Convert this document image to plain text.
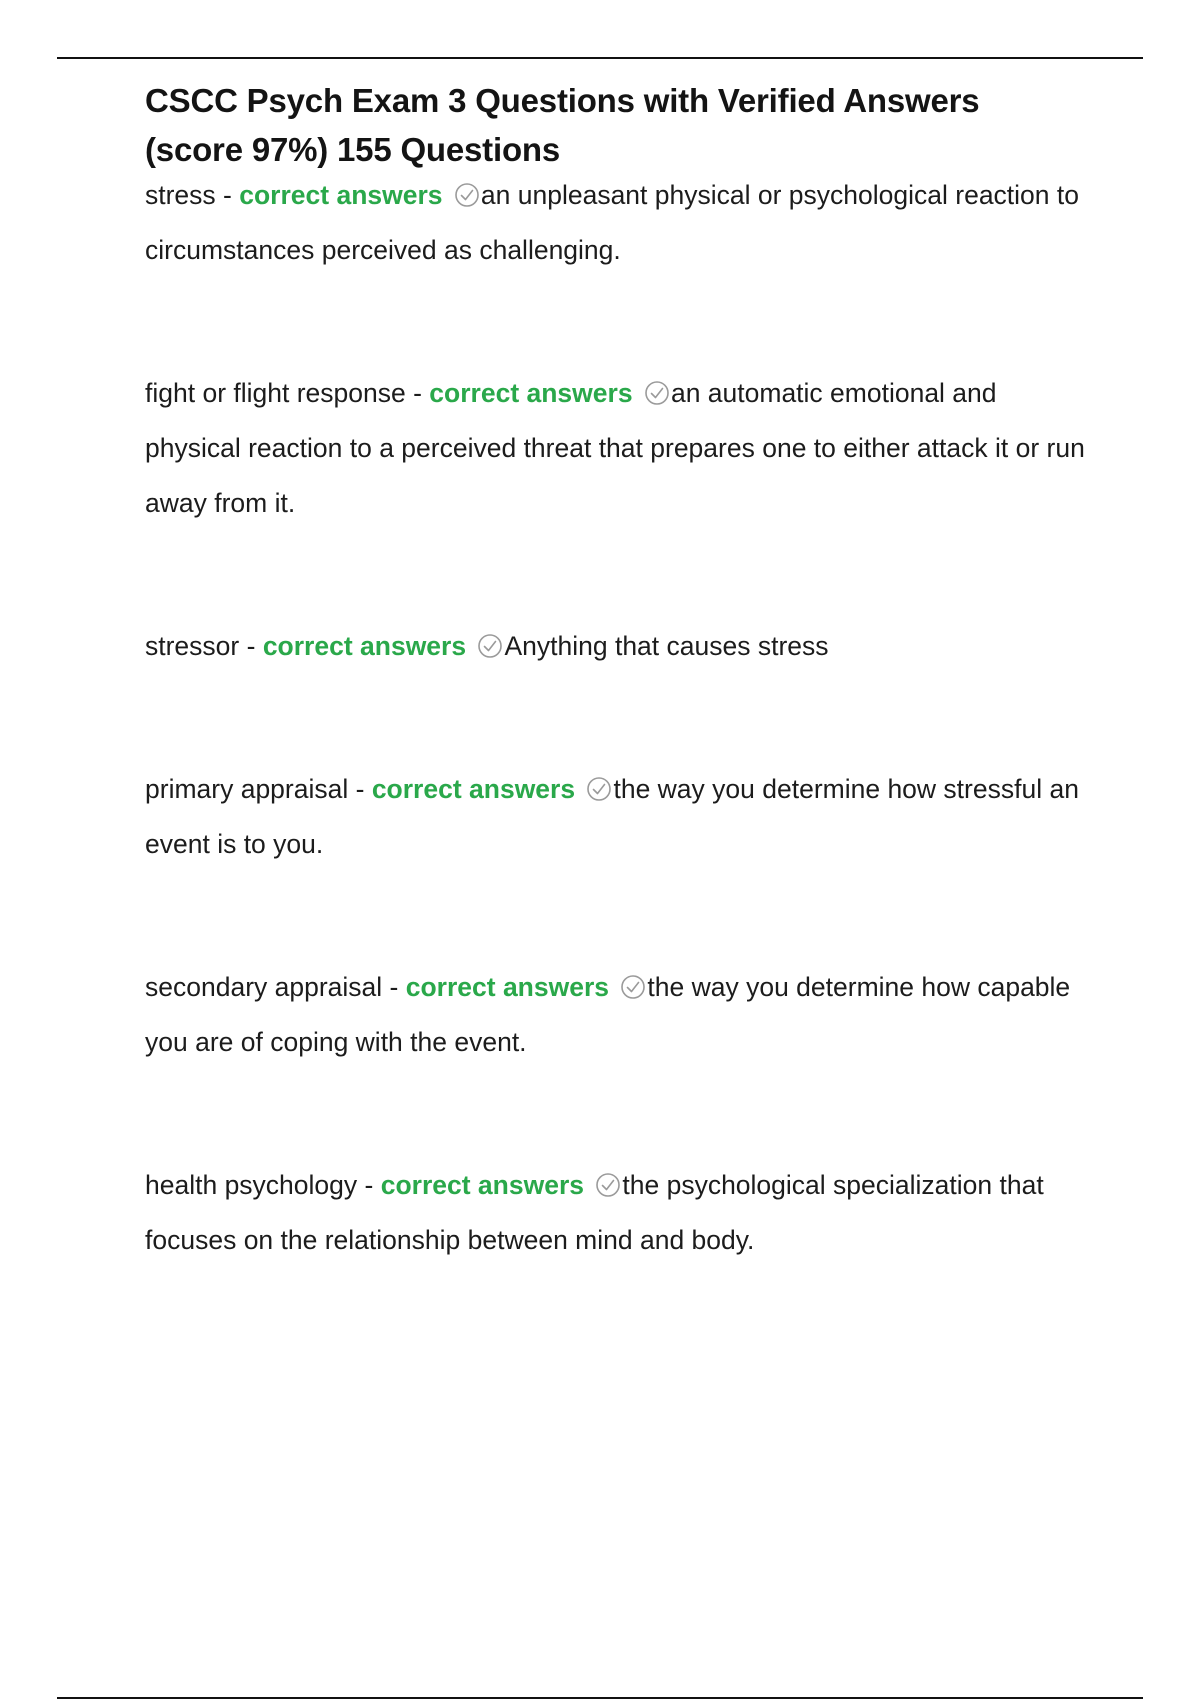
CSCC Psych Exam 3 Questions with Verified Answers (score 97%) 155 Questions
stress - correct answers an unpleasant physical or psychological reaction to circumstances perceived as challenging.
fight or flight response - correct answers an automatic emotional and physical reaction to a perceived threat that prepares one to either attack it or run away from it.
stressor - correct answers Anything that causes stress
primary appraisal - correct answers the way you determine how stressful an event is to you.
secondary appraisal - correct answers the way you determine how capable you are of coping with the event.
health psychology - correct answers the psychological specialization that focuses on the relationship between mind and body.
